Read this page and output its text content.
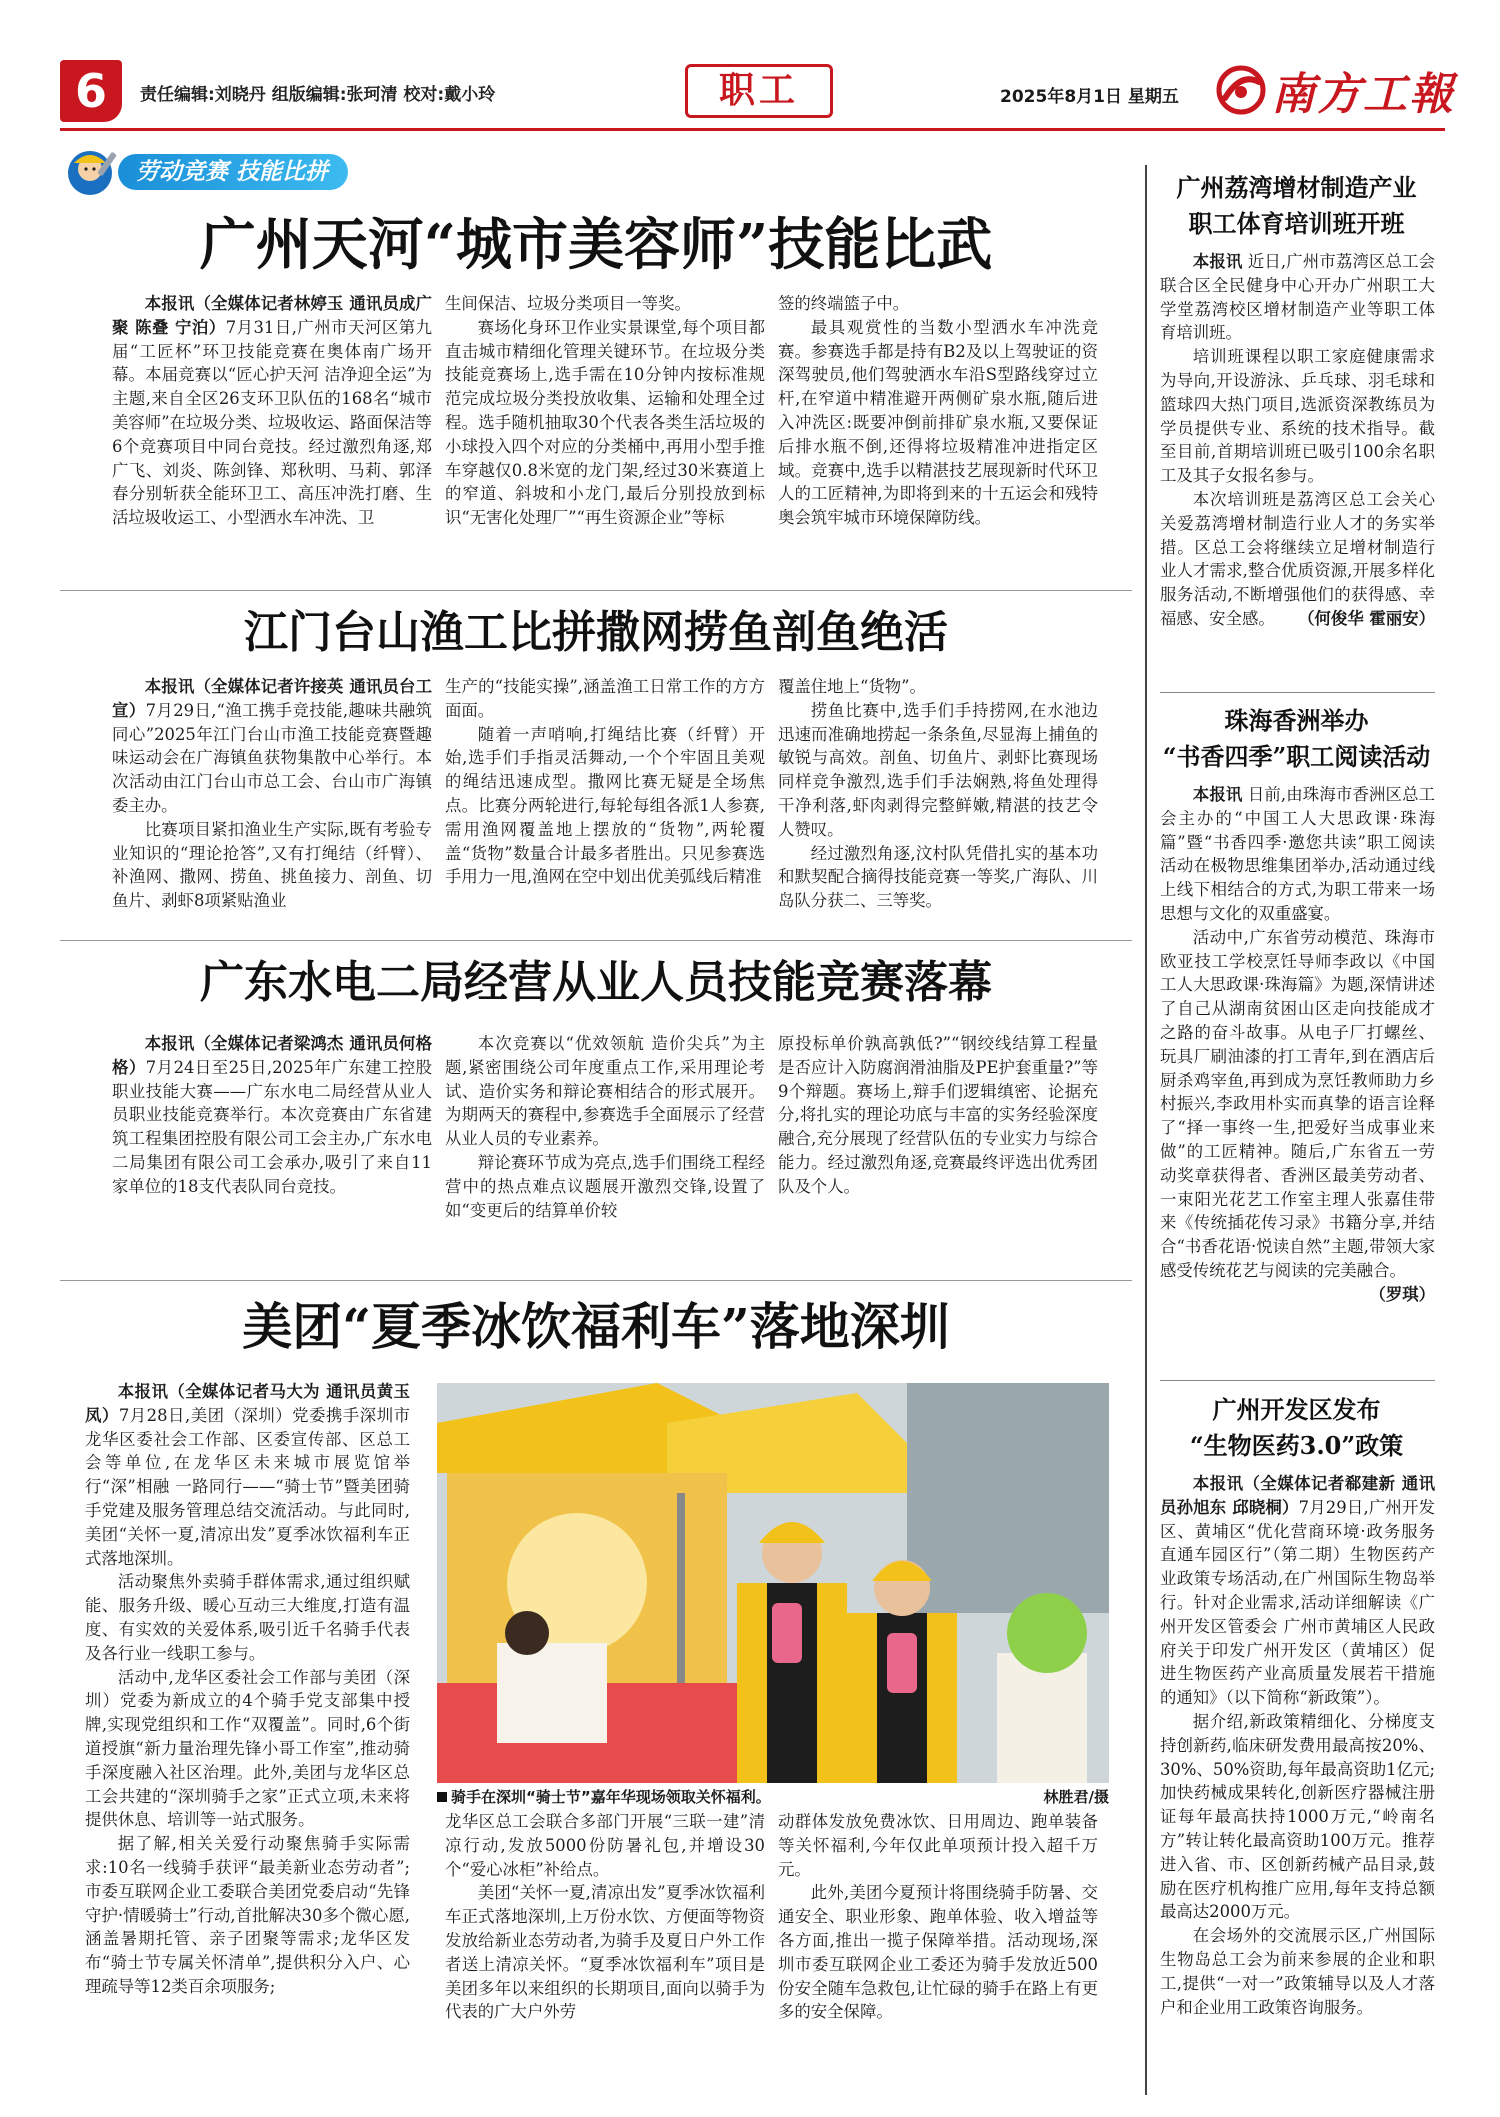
6	责任编辑:刘晓丹 组版编辑:张珂清 校对:戴小玲	职工	2025年8月1日 星期五 南方工報
劳动竞赛 技能比拼
广州天河“城市美容师”技能比武

本报讯（全媒体记者林婷玉 通讯员成广聚 陈叠 宁泊）7月31日,广州市天河区第九届“工匠杯”环卫技能竞赛在奥体南广场开幕。本届竞赛以“匠心护天河 洁净迎全运”为主题,来自全区26支环卫队伍的168名“城市美容师”在垃圾分类、垃圾收运、路面保洁等6个竞赛项目中同台竞技。经过激烈角逐,郑广飞、刘炎、陈剑锋、郑秋明、马莉、郭泽春分别斩获全能环卫工、高压冲洗打磨、生活垃圾收运工、小型洒水车冲洗、卫

生间保洁、垃圾分类项目一等奖。

赛场化身环卫作业实景课堂,每个项目都直击城市精细化管理关键环节。在垃圾分类技能竞赛场上,选手需在10分钟内按标准规范完成垃圾分类投放收集、运输和处理全过程。选手随机抽取30个代表各类生活垃圾的小球投入四个对应的分类桶中,再用小型手推车穿越仅0.8米宽的龙门架,经过30米赛道上的窄道、斜坡和小龙门,最后分别投放到标识“无害化处理厂”“再生资源企业”等标

签的终端篮子中。

最具观赏性的当数小型洒水车冲洗竞赛。参赛选手都是持有B2及以上驾驶证的资深驾驶员,他们驾驶洒水车沿S型路线穿过立杆,在窄道中精准避开两侧矿泉水瓶,随后进入冲洗区:既要冲倒前排矿泉水瓶,又要保证后排水瓶不倒,还得将垃圾精准冲进指定区域。竞赛中,选手以精湛技艺展现新时代环卫人的工匠精神,为即将到来的十五运会和残特奥会筑牢城市环境保障防线。

江门台山渔工比拼撒网捞鱼剖鱼绝活

本报讯（全媒体记者许接英 通讯员台工宣）7月29日,“渔工携手竞技能,趣味共融筑同心”2025年江门台山市渔工技能竞赛暨趣味运动会在广海镇鱼获物集散中心举行。本次活动由江门台山市总工会、台山市广海镇委主办。

比赛项目紧扣渔业生产实际,既有考验专业知识的“理论抢答”,又有打绳结（纤臂）、补渔网、撒网、捞鱼、挑鱼接力、剖鱼、切鱼片、剥虾8项紧贴渔业

生产的“技能实操”,涵盖渔工日常工作的方方面面。

随着一声哨响,打绳结比赛（纤臂）开始,选手们手指灵活舞动,一个个牢固且美观的绳结迅速成型。撒网比赛无疑是全场焦点。比赛分两轮进行,每轮每组各派1人参赛,需用渔网覆盖地上摆放的“货物”,两轮覆盖“货物”数量合计最多者胜出。只见参赛选手用力一甩,渔网在空中划出优美弧线后精准

覆盖住地上“货物”。

捞鱼比赛中,选手们手持捞网,在水池边迅速而准确地捞起一条条鱼,尽显海上捕鱼的敏锐与高效。剖鱼、切鱼片、剥虾比赛现场同样竞争激烈,选手们手法娴熟,将鱼处理得干净利落,虾肉剥得完整鲜嫩,精湛的技艺令人赞叹。

经过激烈角逐,汶村队凭借扎实的基本功和默契配合摘得技能竞赛一等奖,广海队、川岛队分获二、三等奖。

广东水电二局经营从业人员技能竞赛落幕

本报讯（全媒体记者梁鸿杰 通讯员何格格）7月24日至25日,2025年广东建工控股职业技能大赛——广东水电二局经营从业人员职业技能竞赛举行。本次竞赛由广东省建筑工程集团控股有限公司工会主办,广东水电二局集团有限公司工会承办,吸引了来自11家单位的18支代表队同台竞技。

本次竞赛以“优效领航 造价尖兵”为主题,紧密围绕公司年度重点工作,采用理论考试、造价实务和辩论赛相结合的形式展开。为期两天的赛程中,参赛选手全面展示了经营从业人员的专业素养。

辩论赛环节成为亮点,选手们围绕工程经营中的热点难点议题展开激烈交锋,设置了如“变更后的结算单价较

原投标单价孰高孰低?”“钢绞线结算工程量是否应计入防腐润滑油脂及PE护套重量?”等9个辩题。赛场上,辩手们逻辑缜密、论据充分,将扎实的理论功底与丰富的实务经验深度融合,充分展现了经营队伍的专业实力与综合能力。经过激烈角逐,竞赛最终评选出优秀团队及个人。

美团“夏季冰饮福利车”落地深圳

本报讯（全媒体记者马大为 通讯员黄玉凤）7月28日,美团（深圳）党委携手深圳市龙华区委社会工作部、区委宣传部、区总工会等单位,在龙华区未来城市展览馆举行“深”相融 一路同行——“骑士节”暨美团骑手党建及服务管理总结交流活动。与此同时,美团“关怀一夏,清凉出发”夏季冰饮福利车正式落地深圳。

活动聚焦外卖骑手群体需求,通过组织赋能、服务升级、暖心互动三大维度,打造有温度、有实效的关爱体系,吸引近千名骑手代表及各行业一线职工参与。

活动中,龙华区委社会工作部与美团（深圳）党委为新成立的4个骑手党支部集中授牌,实现党组织和工作“双覆盖”。同时,6个街道授旗“新力量治理先锋小哥工作室”,推动骑手深度融入社区治理。此外,美团与龙华区总工会共建的“深圳骑手之家”正式立项,未来将提供休息、培训等一站式服务。

据了解,相关关爱行动聚焦骑手实际需求:10名一线骑手获评“最美新业态劳动者”;市委互联网企业工委联合美团党委启动“先锋守护·情暖骑士”行动,首批解决30多个微心愿,涵盖暑期托管、亲子团聚等需求;龙华区发布“骑士节专属关怀清单”,提供积分入户、心理疏导等12类百余项服务;

骑手在深圳“骑士节”嘉年华现场领取关怀福利。	林胜君/摄

龙华区总工会联合多部门开展“三联一建”清凉行动,发放5000份防暑礼包,并增设30个“爱心冰柜”补给点。

美团“关怀一夏,清凉出发”夏季冰饮福利车正式落地深圳,上万份水饮、方便面等物资发放给新业态劳动者,为骑手及夏日户外工作者送上清凉关怀。“夏季冰饮福利车”项目是美团多年以来组织的长期项目,面向以骑手为代表的广大户外劳

动群体发放免费冰饮、日用周边、跑单装备等关怀福利,今年仅此单项预计投入超千万元。

此外,美团今夏预计将围绕骑手防暑、交通安全、职业形象、跑单体验、收入增益等各方面,推出一揽子保障举措。活动现场,深圳市委互联网企业工委还为骑手发放近500份安全随车急救包,让忙碌的骑手在路上有更多的安全保障。

广州荔湾增材制造产业
职工体育培训班开班

本报讯 近日,广州市荔湾区总工会联合区全民健身中心开办广州职工大学堂荔湾校区增材制造产业等职工体育培训班。

培训班课程以职工家庭健康需求为导向,开设游泳、乒乓球、羽毛球和篮球四大热门项目,选派资深教练员为学员提供专业、系统的技术指导。截至目前,首期培训班已吸引100余名职工及其子女报名参与。

本次培训班是荔湾区总工会关心关爱荔湾增材制造行业人才的务实举措。区总工会将继续立足增材制造行业人才需求,整合优质资源,开展多样化服务活动,不断增强他们的获得感、幸福感、安全感。 （何俊华 霍丽安）

珠海香洲举办
“书香四季”职工阅读活动

本报讯 日前,由珠海市香洲区总工会主办的“中国工人大思政课·珠海篇”暨“书香四季·邀您共读”职工阅读活动在极物思维集团举办,活动通过线上线下相结合的方式,为职工带来一场思想与文化的双重盛宴。

活动中,广东省劳动模范、珠海市欧亚技工学校烹饪导师李政以《中国工人大思政课·珠海篇》为题,深情讲述了自己从湖南贫困山区走向技能成才之路的奋斗故事。从电子厂打螺丝、玩具厂刷油漆的打工青年,到在酒店后厨杀鸡宰鱼,再到成为烹饪教师助力乡村振兴,李政用朴实而真挚的语言诠释了“择一事终一生,把爱好当成事业来做”的工匠精神。随后,广东省五一劳动奖章获得者、香洲区最美劳动者、一束阳光花艺工作室主理人张嘉佳带来《传统插花传习录》书籍分享,并结合“书香花语·悦读自然”主题,带领大家感受传统花艺与阅读的完美融合。
（罗琪）

广州开发区发布
“生物医药3.0”政策

本报讯（全媒体记者郗建新 通讯员孙旭东 邱晓桐）7月29日,广州开发区、黄埔区“优化营商环境·政务服务直通车园区行”（第二期）生物医药产业政策专场活动,在广州国际生物岛举行。针对企业需求,活动详细解读《广州开发区管委会 广州市黄埔区人民政府关于印发广州开发区（黄埔区）促进生物医药产业高质量发展若干措施的通知》（以下简称“新政策”）。

据介绍,新政策精细化、分梯度支持创新药,临床研发费用最高按20%、30%、50%资助,每年最高资助1亿元;加快药械成果转化,创新医疗器械注册证每年最高扶持1000万元,“岭南名方”转让转化最高资助100万元。推荐进入省、市、区创新药械产品目录,鼓励在医疗机构推广应用,每年支持总额最高达2000万元。

在会场外的交流展示区,广州国际生物岛总工会为前来参展的企业和职工,提供“一对一”政策辅导以及人才落户和企业用工政策咨询服务。
